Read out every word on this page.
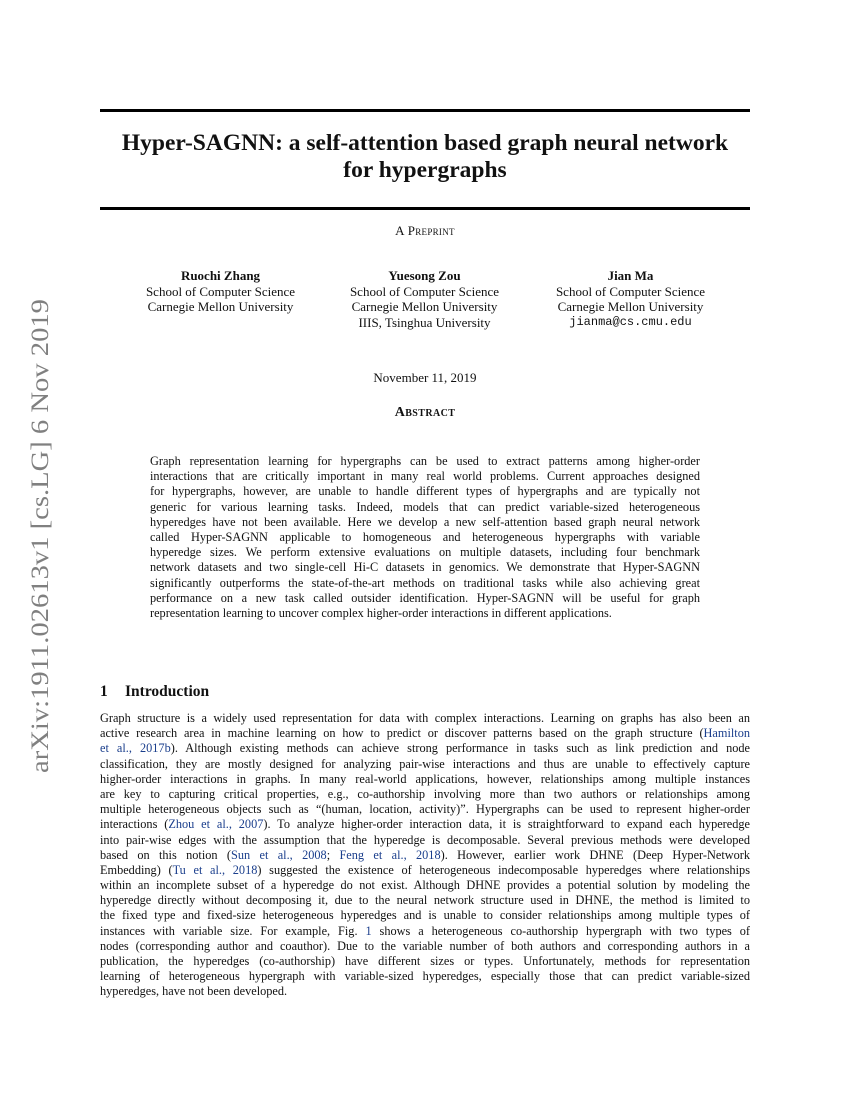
arXiv:1911.02613v1 [cs.LG] 6 Nov 2019
Hyper-SAGNN: a self-attention based graph neural network
for hypergraphs
A Preprint
Ruochi Zhang
School of Computer Science
Carnegie Mellon University
Yuesong Zou
School of Computer Science
Carnegie Mellon University
IIIS, Tsinghua University
Jian Ma
School of Computer Science
Carnegie Mellon University
jianma@cs.cmu.edu
November 11, 2019
Abstract
Graph representation learning for hypergraphs can be used to extract patterns among higher-order
interactions that are critically important in many real world problems. Current approaches designed
for hypergraphs, however, are unable to handle different types of hypergraphs and are typically not
generic for various learning tasks. Indeed, models that can predict variable-sized heterogeneous
hyperedges have not been available. Here we develop a new self-attention based graph neural network
called Hyper-SAGNN applicable to homogeneous and heterogeneous hypergraphs with variable
hyperedge sizes. We perform extensive evaluations on multiple datasets, including four benchmark
network datasets and two single-cell Hi-C datasets in genomics. We demonstrate that Hyper-SAGNN
significantly outperforms the state-of-the-art methods on traditional tasks while also achieving great
performance on a new task called outsider identification. Hyper-SAGNN will be useful for graph
representation learning to uncover complex higher-order interactions in different applications.
1 Introduction
Graph structure is a widely used representation for data with complex interactions. Learning on graphs has also been an
active research area in machine learning on how to predict or discover patterns based on the graph structure (Hamilton
et al., 2017b). Although existing methods can achieve strong performance in tasks such as link prediction and node
classification, they are mostly designed for analyzing pair-wise interactions and thus are unable to effectively capture
higher-order interactions in graphs. In many real-world applications, however, relationships among multiple instances
are key to capturing critical properties, e.g., co-authorship involving more than two authors or relationships among
multiple heterogeneous objects such as “(human, location, activity)”. Hypergraphs can be used to represent higher-order
interactions (Zhou et al., 2007). To analyze higher-order interaction data, it is straightforward to expand each hyperedge
into pair-wise edges with the assumption that the hyperedge is decomposable. Several previous methods were developed
based on this notion (Sun et al., 2008; Feng et al., 2018). However, earlier work DHNE (Deep Hyper-Network
Embedding) (Tu et al., 2018) suggested the existence of heterogeneous indecomposable hyperedges where relationships
within an incomplete subset of a hyperedge do not exist. Although DHNE provides a potential solution by modeling the
hyperedge directly without decomposing it, due to the neural network structure used in DHNE, the method is limited to
the fixed type and fixed-size heterogeneous hyperedges and is unable to consider relationships among multiple types of
instances with variable size. For example, Fig. 1 shows a heterogeneous co-authorship hypergraph with two types of
nodes (corresponding author and coauthor). Due to the variable number of both authors and corresponding authors in a
publication, the hyperedges (co-authorship) have different sizes or types. Unfortunately, methods for representation
learning of heterogeneous hypergraph with variable-sized hyperedges, especially those that can predict variable-sized
hyperedges, have not been developed.
